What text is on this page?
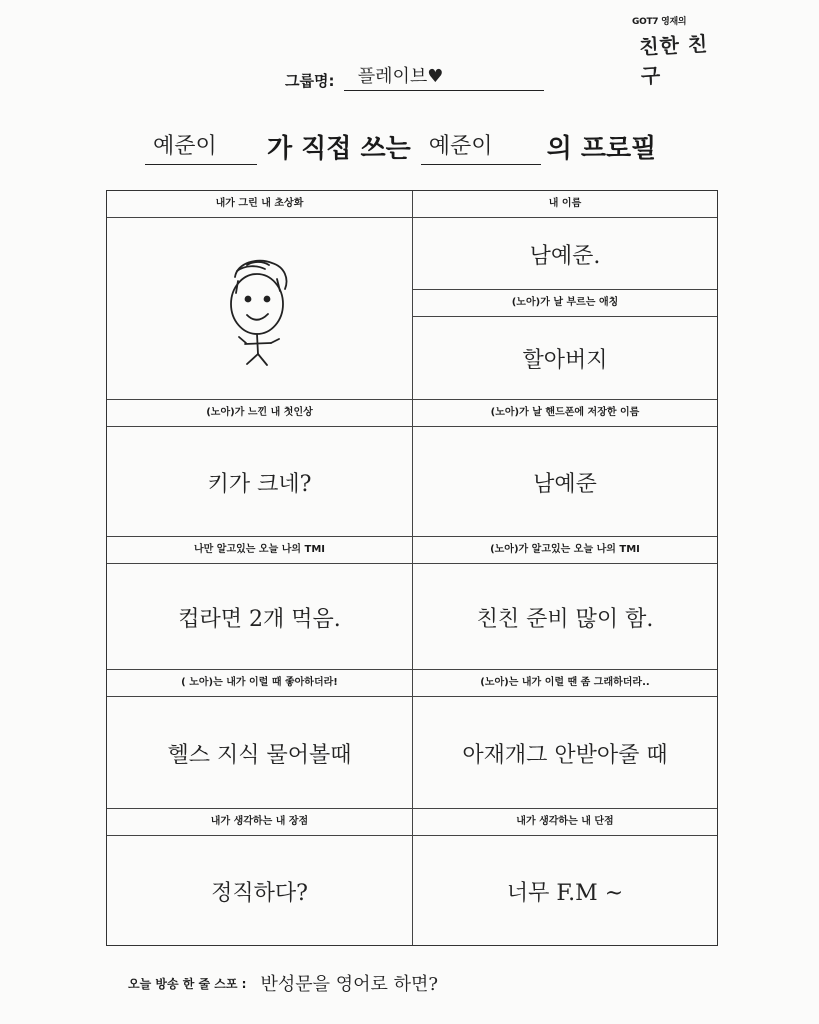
GOT7 영재의
친한 친구
그룹명: 플레이브♥
예준이 가 직접 쓰는 예준이 의 프로필
내가 그린 내 초상화	내 이름
남예준.
(노아)가 날 부르는 애칭
할아버지
(노아)가 느낀 내 첫인상
키가 크네?
(노아)가 날 핸드폰에 저장한 이름
남예준
나만 알고있는 오늘 나의 TMI
컵라면 2개 먹음.
(노아)가 알고있는 오늘 나의 TMI
친친 준비 많이 함.
( 노아)는 내가 이럴 때 좋아하더라!
헬스 지식 물어볼때
(노아)는 내가 이럴 땐 좀 그래하더라..
아재개그 안받아줄 때
내가 생각하는 내 장점
정직하다?
내가 생각하는 내 단점
너무 F.M ~
오늘 방송 한 줄 스포 : 반성문을 영어로 하면?
